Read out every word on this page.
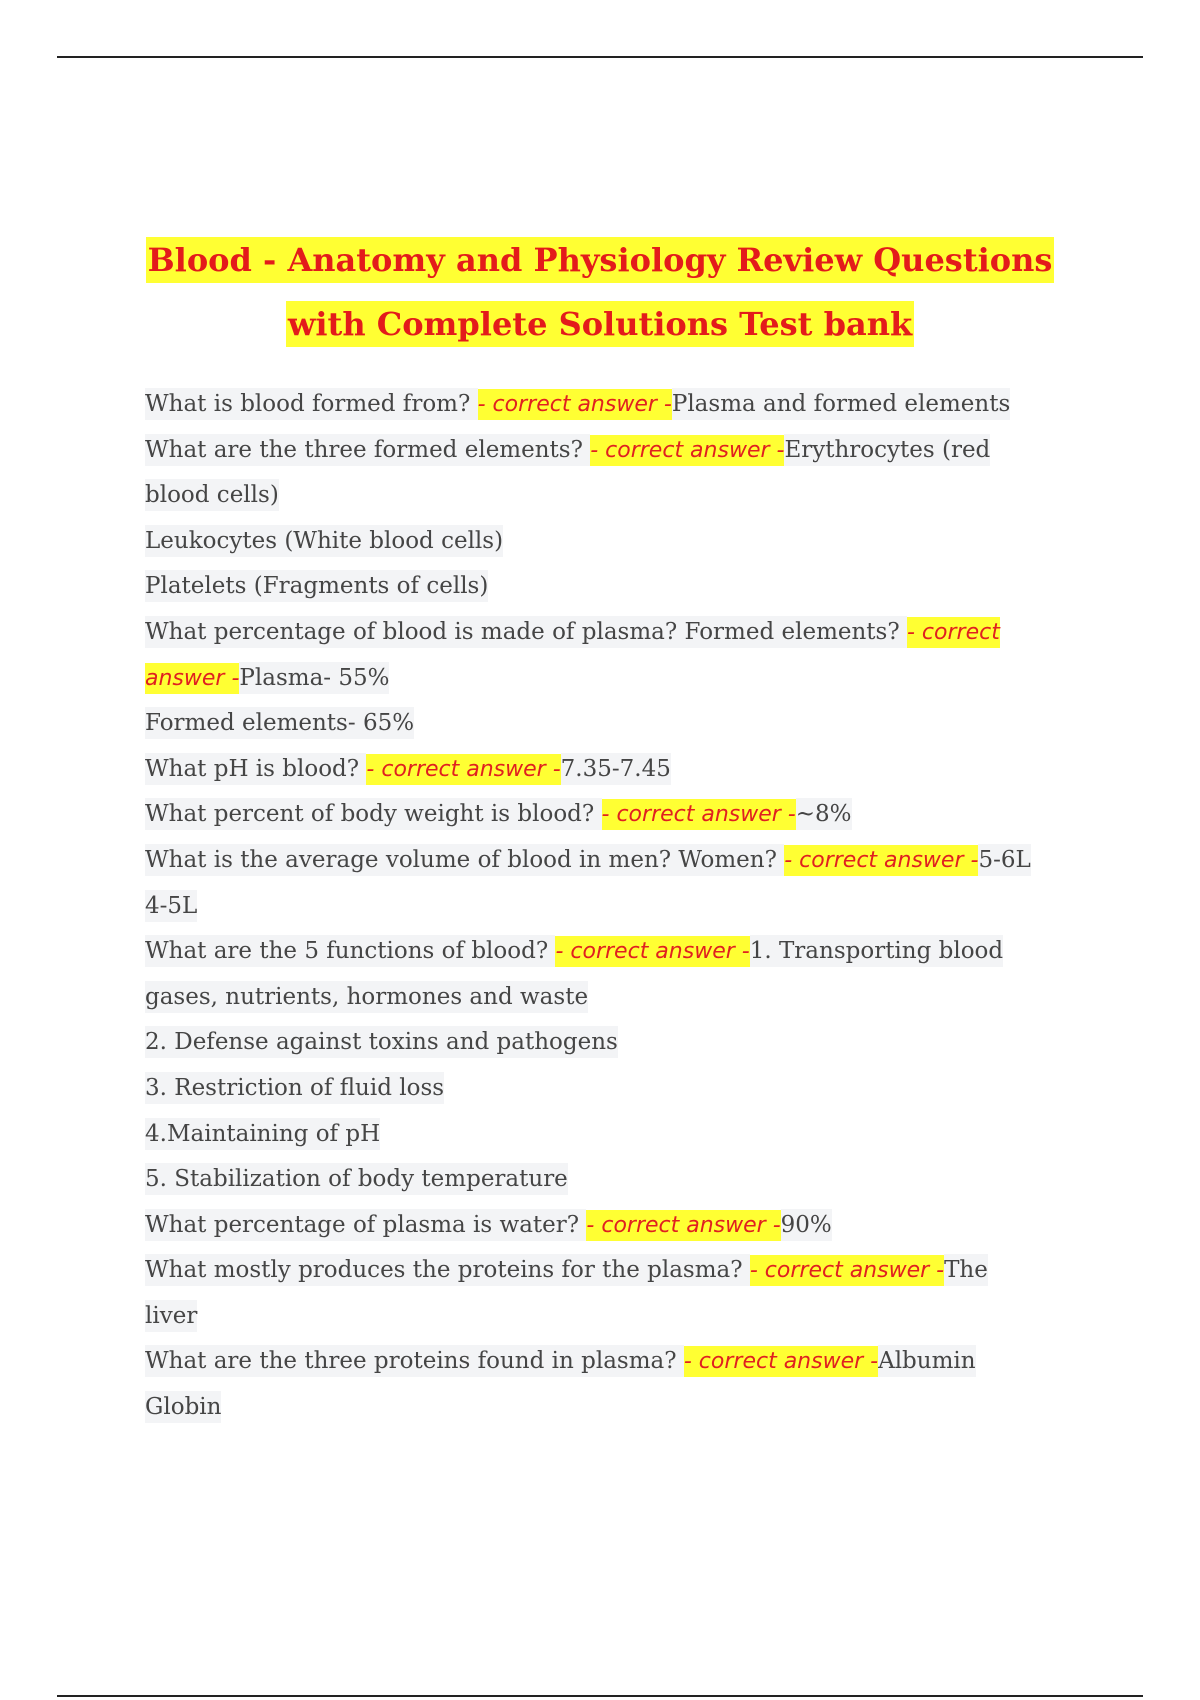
Blood - Anatomy and Physiology Review Questions
with Complete Solutions Test bank
What is blood formed from? - correct answer -Plasma and formed elements
What are the three formed elements? - correct answer -Erythrocytes (red
blood cells)
Leukocytes (White blood cells)
Platelets (Fragments of cells)
What percentage of blood is made of plasma? Formed elements? - correct
answer -Plasma- 55%
Formed elements- 65%
What pH is blood? - correct answer -7.35-7.45
What percent of body weight is blood? - correct answer -~8%
What is the average volume of blood in men? Women? - correct answer -5-6L
4-5L
What are the 5 functions of blood? - correct answer -1. Transporting blood
gases, nutrients, hormones and waste
2. Defense against toxins and pathogens
3. Restriction of fluid loss
4.Maintaining of pH
5. Stabilization of body temperature
What percentage of plasma is water? - correct answer -90%
What mostly produces the proteins for the plasma? - correct answer -The
liver
What are the three proteins found in plasma? - correct answer -Albumin
Globin
